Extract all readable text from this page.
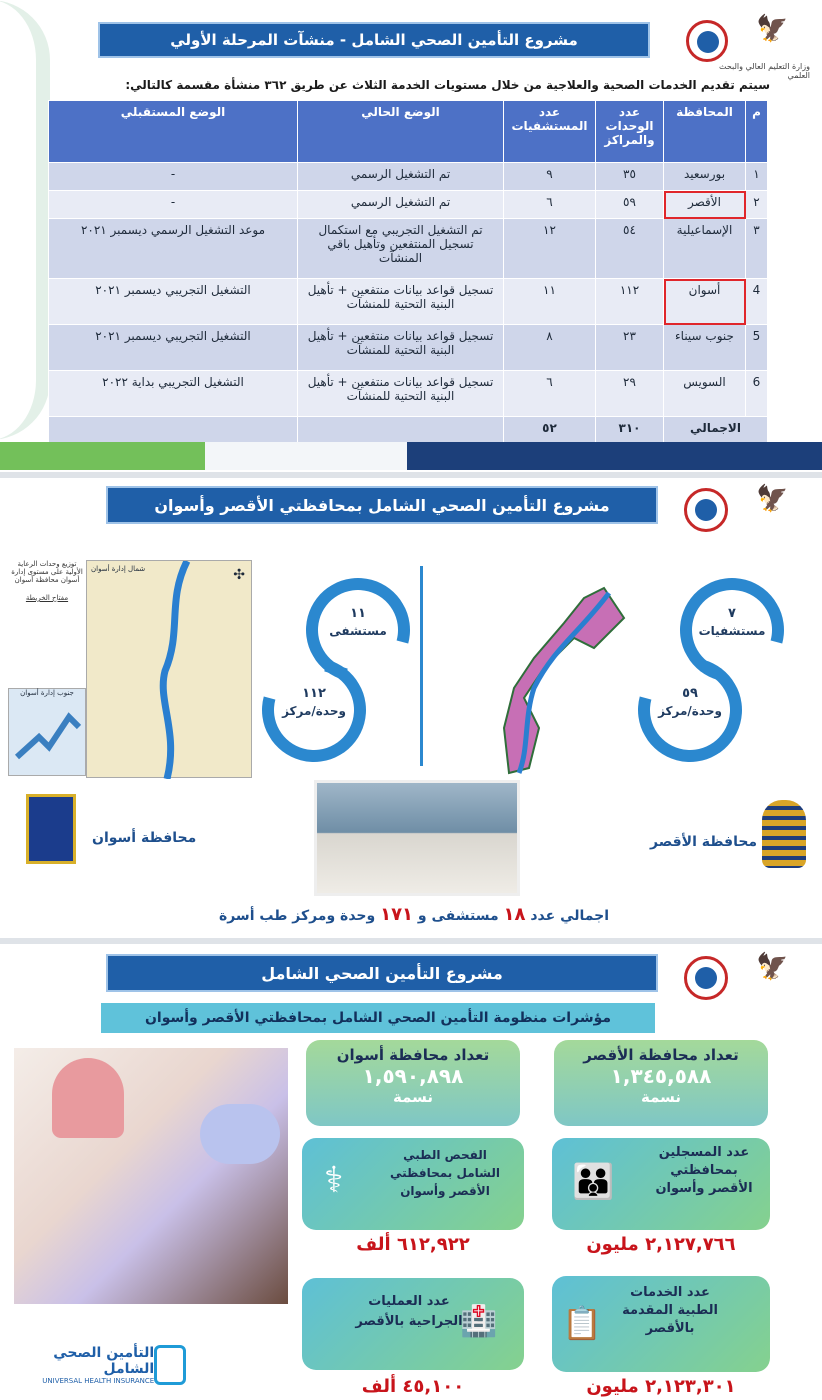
مشروع التأمين الصحي الشامل - منشآت المرحلة الأولي	🦅
وزارة التعليم العالي والبحث العلمي
سيتم تقديم الخدمات الصحية والعلاجية من خلال مستويات الخدمة الثلاث عن طريق ٣٦٢ منشأة مقسمة كالتالي:
م	المحافظة	عدد الوحدات والمراكز	عدد المستشفيات	الوضع الحالي	الوضع المستقبلي
١	بورسعيد	٣٥	٩	تم التشغيل الرسمي	-
٢	الأقصر	٥٩	٦	تم التشغيل الرسمي	-
٣	الإسماعيلية	٥٤	١٢	تم التشغيل التجريبي مع استكمال تسجيل المنتفعين وتأهيل باقي المنشآت	موعد التشغيل الرسمي ديسمبر ٢٠٢١
4	أسوان	١١٢	١١	تسجيل قواعد بيانات منتفعين + تأهيل البنية التحتية للمنشآت	التشغيل التجريبي ديسمبر ٢٠٢١
5	جنوب سيناء	٢٣	٨	تسجيل قواعد بيانات منتفعين + تأهيل البنية التحتية للمنشآت	التشغيل التجريبي ديسمبر ٢٠٢١
6	السويس	٢٩	٦	تسجيل قواعد بيانات منتفعين + تأهيل البنية التحتية للمنشآت	التشغيل التجريبي بداية ٢٠٢٢
الاجمالي		٣١٠	٥٢		
مشروع التأمين الصحي الشامل بمحافظتي الأقصر وأسوان	🦅
شمال إدارة أسوان	✣
توزيع وحدات الرعاية الأولية على مستوى إدارة أسوان محافظة أسوان
مفتاح الخريطة
جنوب إدارة أسوان
١١
مستشفى
١١٢
وحدة/مركز
٧
مستشفيات
٥٩
وحدة/مركز
محافظة أسوان	محافظة الأقصر
اجمالي عدد ١٨ مستشفى و ١٧١ وحدة ومركز طب أسرة
مشروع التأمين الصحي الشامل	🦅
مؤشرات منظومة التأمين الصحي الشامل بمحافظتي الأقصر وأسوان
تعداد محافظة الأقصر
١,٣٤٥,٥٨٨
نسمة
تعداد محافظة أسوان
١,٥٩٠,٨٩٨
نسمة
عدد المسجلين بمحافظتي الأقصر وأسوان
👪
٢,١٢٧,٧٦٦ مليون
الفحص الطبي الشامل بمحافظتي الأقصر وأسوان
⚕
٦١٢,٩٢٢ ألف
عدد الخدمات الطبية المقدمة بالأقصر
📋
٢,١٢٣,٣٠١ مليون
عدد العمليات الجراحية بالأقصر
🏥
٤٥,١٠٠ ألف
التأمين الصحي الشامل
UNIVERSAL HEALTH INSURANCE
